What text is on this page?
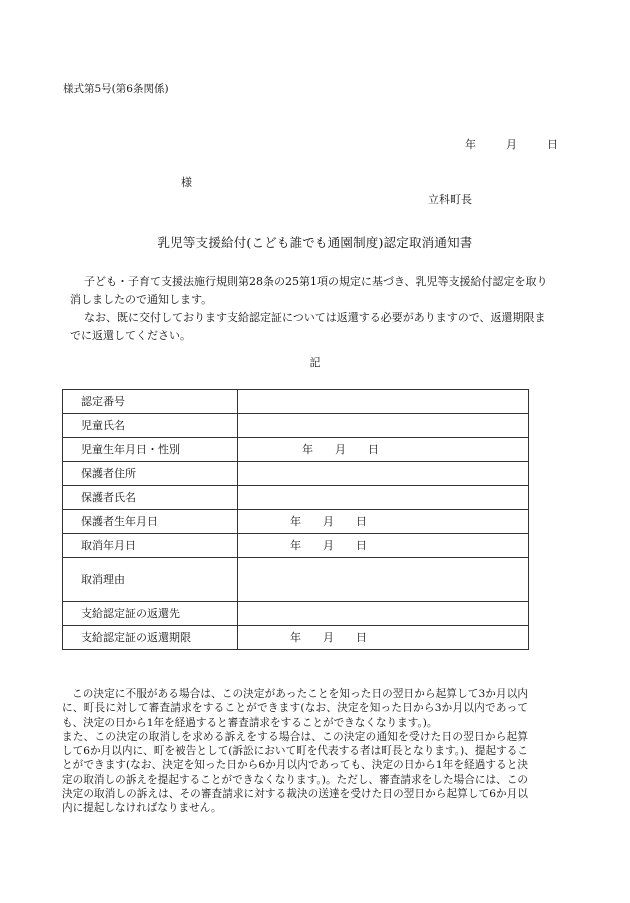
様式第5号(第6条関係)
年	月	日
様
立科町長
乳児等支援給付(こども誰でも通園制度)認定取消通知書
子ども・子育て支援法施行規則第28条の25第1項の規定に基づき、乳児等支援給付認定を取り消しましたので通知します。
なお、既に交付しております支給認定証については返還する必要がありますので、返還期限までに返還してください。
記
認定番号	
児童氏名	
児童生年月日・性別	年 月 日
保護者住所	
保護者氏名	
保護者生年月日	年 月 日
取消年月日	年 月 日
取消理由	
支給認定証の返還先	
支給認定証の返還期限	年 月 日

この決定に不服がある場合は、この決定があったことを知った日の翌日から起算して3か月以内に、町長に対して審査請求をすることができます(なお、決定を知った日から3か月以内であっても、決定の日から1年を経過すると審査請求をすることができなくなります。)。

また、この決定の取消しを求める訴えをする場合は、この決定の通知を受けた日の翌日から起算して6か月以内に、町を被告として(訴訟において町を代表する者は町長となります。)、提起することができます(なお、決定を知った日から6か月以内であっても、決定の日から1年を経過すると決定の取消しの訴えを提起することができなくなります。)。ただし、審査請求をした場合には、この決定の取消しの訴えは、その審査請求に対する裁決の送達を受けた日の翌日から起算して6か月以内に提起しなければなりません。
